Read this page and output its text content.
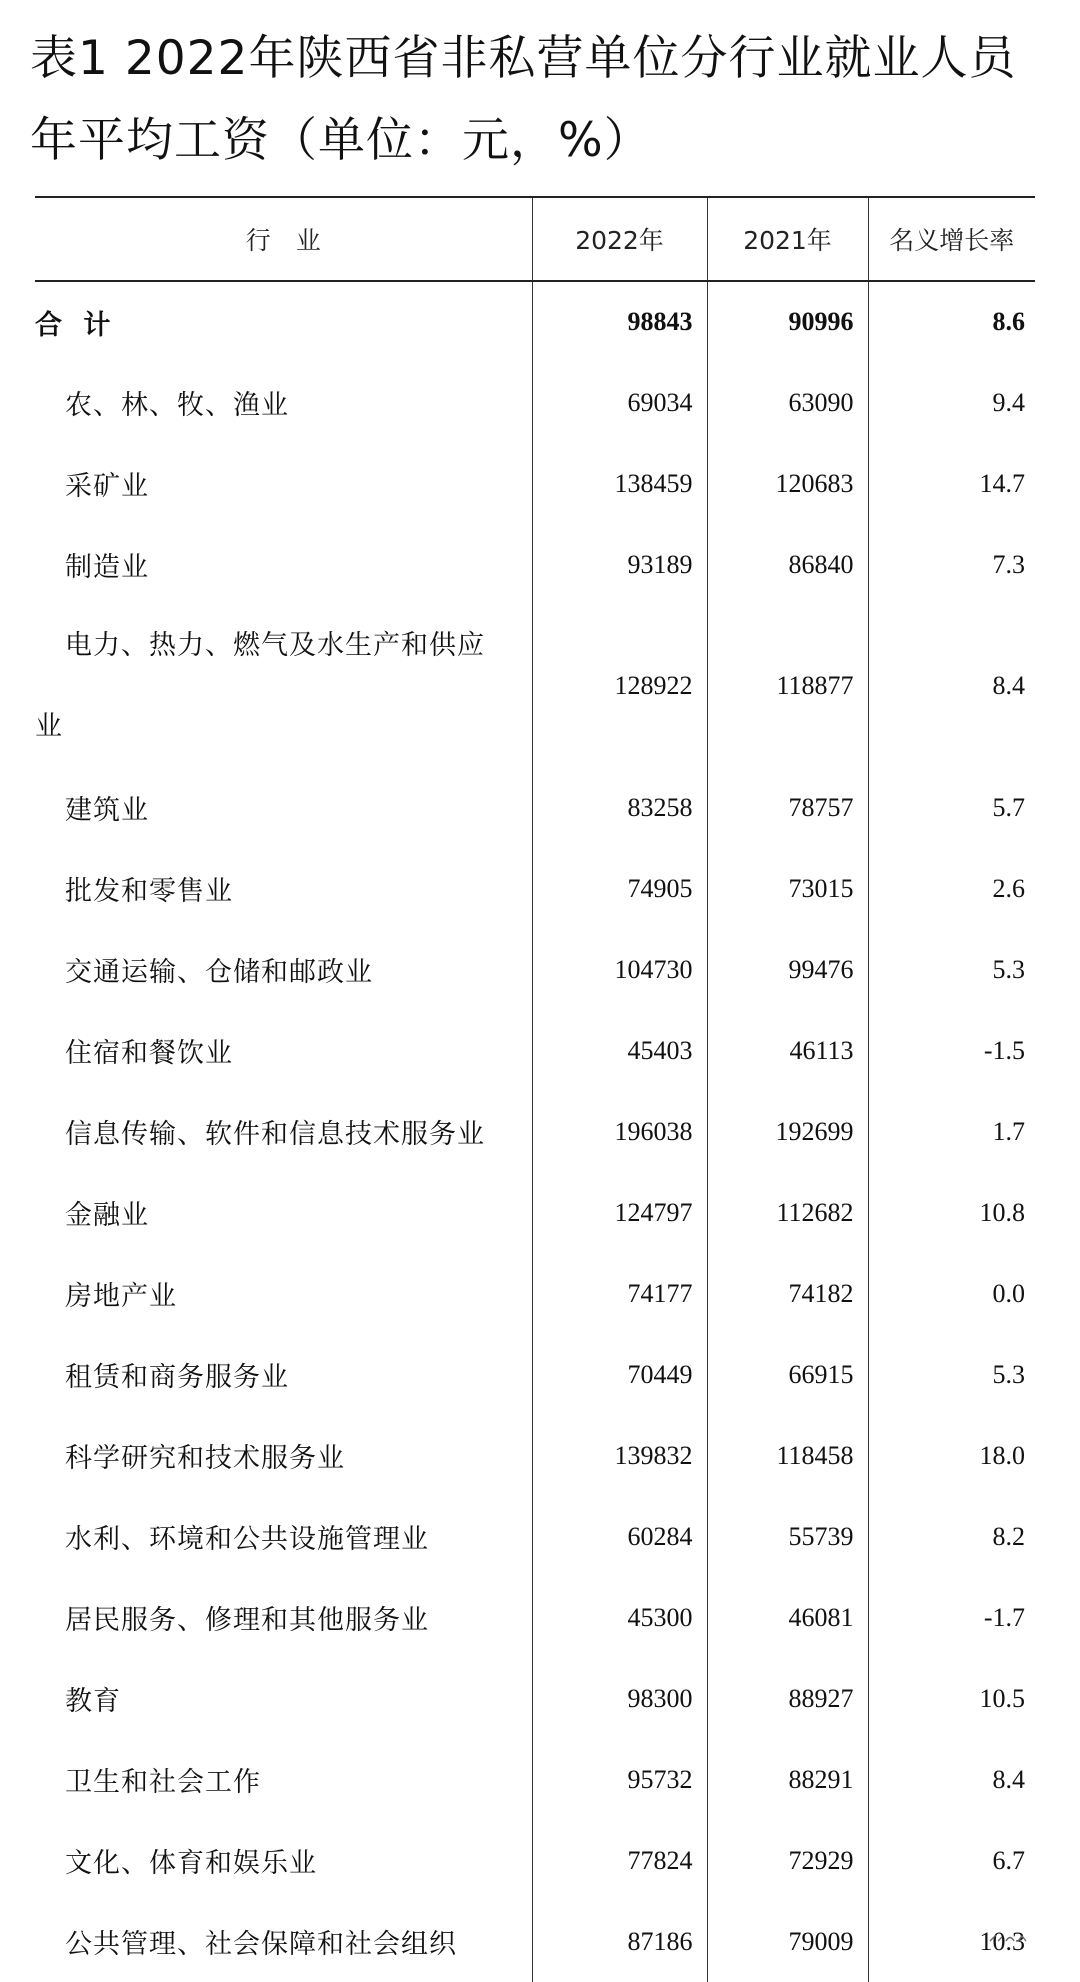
表1 2022年陕西省非私营单位分行业就业人员
年平均工资（单位：元，%）
行　业	2022年	2021年	名义增长率
合 计	98843	90996	8.6
农、林、牧、渔业	69034	63090	9.4
采矿业	138459	120683	14.7
制造业	93189	86840	7.3

电力、热力、燃气及水生产和供应
业	128922	118877	8.4
建筑业	83258	78757	5.7
批发和零售业	74905	73015	2.6
交通运输、仓储和邮政业	104730	99476	5.3
住宿和餐饮业	45403	46113	-1.5
信息传输、软件和信息技术服务业	196038	192699	1.7
金融业	124797	112682	10.8
房地产业	74177	74182	0.0
租赁和商务服务业	70449	66915	5.3
科学研究和技术服务业	139832	118458	18.0
水利、环境和公共设施管理业	60284	55739	8.2
居民服务、修理和其他服务业	45300	46081	-1.7
教育	98300	88927	10.5
卫生和社会工作	95732	88291	8.4
文化、体育和娱乐业	77824	72929	6.7
公共管理、社会保障和社会组织	87186	79009	10.3
